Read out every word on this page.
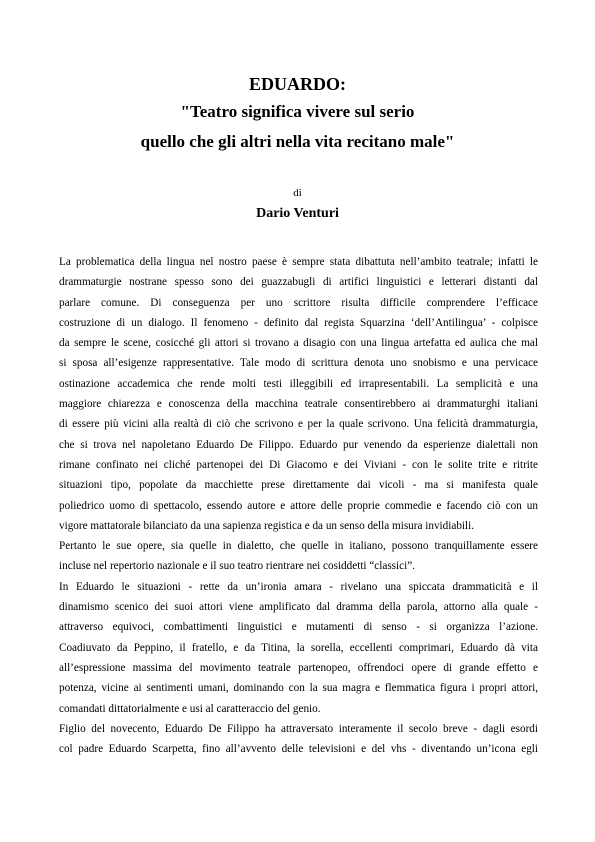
EDUARDO:
"Teatro significa vivere sul serio
quello che gli altri nella vita recitano male"
di
Dario Venturi
La problematica della lingua nel nostro paese è sempre stata dibattuta nell’ambito teatrale; infatti le
drammaturgie nostrane spesso sono dei guazzabugli di artifici linguistici e letterari distanti dal
parlare comune. Di conseguenza per uno scrittore risulta difficile comprendere l’efficace
costruzione di un dialogo. Il fenomeno - definito dal regista Squarzina ‘dell’Antilingua’ - colpisce
da sempre le scene, cosicché gli attori si trovano a disagio con una lingua artefatta ed aulica che mal
si sposa all’esigenze rappresentative. Tale modo di scrittura denota uno snobismo e una pervicace
ostinazione accademica che rende molti testi illeggibili ed irrapresentabili. La semplicità e una
maggiore chiarezza e conoscenza della macchina teatrale consentirebbero ai drammaturghi italiani
di essere più vicini alla realtà di ciò che scrivono e per la quale scrivono. Una felicità drammaturgia,
che si trova nel napoletano Eduardo De Filippo. Eduardo pur venendo da esperienze dialettali non
rimane confinato nei cliché partenopei dei Di Giacomo e dei Viviani - con le solite trite e ritrite
situazioni tipo, popolate da macchiette prese direttamente dai vicoli - ma si manifesta quale
poliedrico uomo di spettacolo, essendo autore e attore delle proprie commedie e facendo ciò con un
vigore mattatorale bilanciato da una sapienza registica e da un senso della misura invidiabili.
Pertanto le sue opere, sia quelle in dialetto, che quelle in italiano, possono tranquillamente essere
incluse nel repertorio nazionale e il suo teatro rientrare nei cosiddetti “classici”.
In Eduardo le situazioni - rette da un’ironia amara - rivelano una spiccata drammaticità e il
dinamismo scenico dei suoi attori viene amplificato dal dramma della parola, attorno alla quale -
attraverso equivoci, combattimenti linguistici e mutamenti di senso - si organizza l’azione.
Coadiuvato da Peppino, il fratello, e da Titina, la sorella, eccellenti comprimari, Eduardo dà vita
all’espressione massima del movimento teatrale partenopeo, offrendoci opere di grande effetto e
potenza, vicine ai sentimenti umani, dominando con la sua magra e flemmatica figura i propri attori,
comandati dittatorialmente e usi al caratteraccio del genio.
Figlio del novecento, Eduardo De Filippo ha attraversato interamente il secolo breve - dagli esordi
col padre Eduardo Scarpetta, fino all’avvento delle televisioni e del vhs - diventando un’icona egli
